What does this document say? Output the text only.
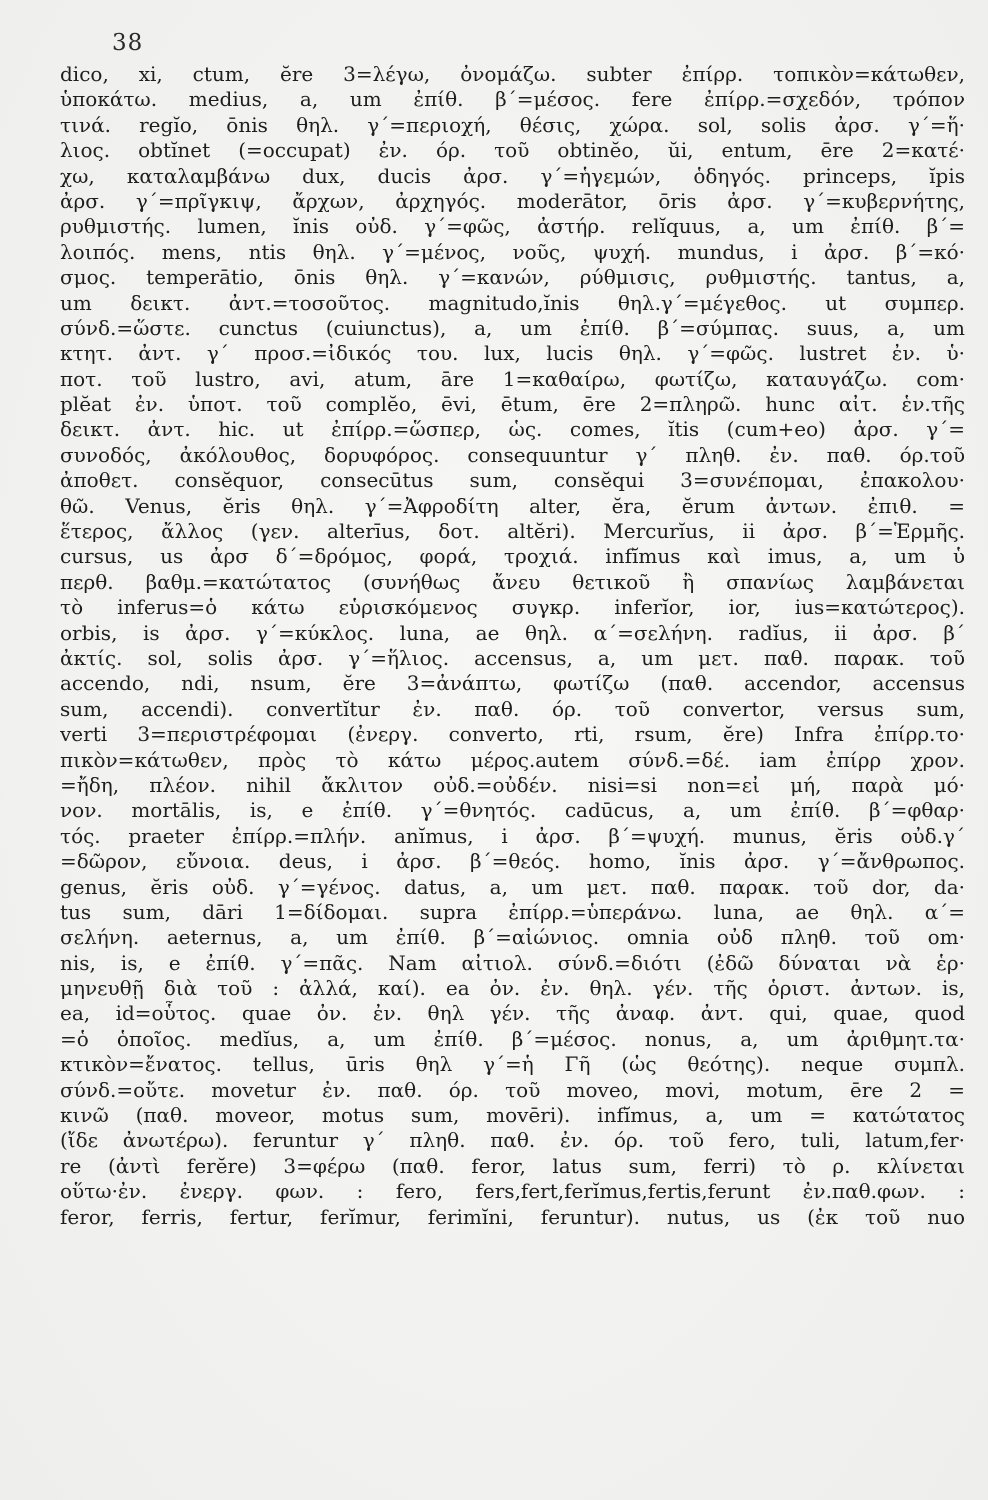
38
dico, xi, ctum, ĕre 3=λέγω, ὀνομάζω. subter ἐπίρρ. τοπικὸν=κάτωθεν,
ὑποκάτω. medius, a, um ἐπίθ. β΄=μέσος. fere ἐπίρρ.=σχεδόν, τρόπον
τινά. regĭo, ōnis θηλ. γ΄=περιοχή, θέσις, χώρα. sol, solis ἀρσ. γ΄=ἥ·
λιος. obtĭnet (=occupat) ἐν. όρ. τοῦ obtinĕo, ŭi, entum, ēre 2=κατέ·
χω, καταλαμβάνω dux, ducis ἀρσ. γ΄=ἡγεμών, ὁδηγός. princeps, ĭpis
ἀρσ. γ΄=πρῖγκιψ, ἄρχων, ἀρχηγός. moderātor, ōris ἀρσ. γ΄=κυβερνήτης,
ρυθμιστής. lumen, ĭnis οὐδ. γ΄=φῶς, ἀστήρ. relĭquus, a, um ἐπίθ. β΄=
λοιπός. mens, ntis θηλ. γ΄=μένος, νοῦς, ψυχή. mundus, i ἀρσ. β΄=κό·
σμος. temperātio, ōnis θηλ. γ΄=κανών, ρύθμισις, ρυθμιστής. tantus, a,
um δεικτ. ἀντ.=τοσοῦτος. magnitudo,ĭnis θηλ.γ΄=μέγεθος. ut συμπερ.
σύνδ.=ὥστε. cunctus (cuiunctus), a, um ἐπίθ. β΄=σύμπας. suus, a, um
κτητ. ἀντ. γ΄ προσ.=ἰδικός του. lux, lucis θηλ. γ΄=φῶς. lustret ἐν. ὑ·
ποτ. τοῦ lustro, avi, atum, āre 1=καθαίρω, φωτίζω, καταυγάζω. com·
plĕat ἐν. ὑποτ. τοῦ complĕo, ēvi, ētum, ēre 2=πληρῶ. hunc αἰτ. ἑν.τῆς
δεικτ. ἀντ. hic. ut ἐπίρρ.=ὥσπερ, ὡς. comes, ĭtis (cum+eo) ἀρσ. γ΄=
συνοδός, ἀκόλουθος, δορυφόρος. consequuntur γ΄ πληθ. ἐν. παθ. όρ.τοῦ
ἀποθετ. consĕquor, consecūtus sum, consĕqui 3=συνέπομαι, ἐπακολου·
θῶ. Venus, ĕris θηλ. γ΄=Ἀφροδίτη alter, ĕra, ĕrum ἀντων. ἐπιθ. =
ἕτερος, ἄλλος (γεν. alterīus, δοτ. altĕri). Mercurĭus, ii ἀρσ. β΄=Ἑρμῆς.
cursus, us ἀρσ δ΄=δρόμος, φορά, τροχιά. infĭmus καὶ imus, a, um ὑ
περθ. βαθμ.=κατώτατος (συνήθως ἄνευ θετικοῦ ἢ σπανίως λαμβάνεται
τὸ inferus=ὁ κάτω εὑρισκόμενος συγκρ. inferĭor, ior, ius=κατώτερος).
orbis, is ἀρσ. γ΄=κύκλος. luna, ae θηλ. α΄=σελήνη. radĭus, ii ἀρσ. β΄
ἀκτίς. sol, solis ἀρσ. γ΄=ἥλιος. accensus, a, um μετ. παθ. παρακ. τοῦ
accendo, ndi, nsum, ĕre 3=ἀνάπτω, φωτίζω (παθ. accendor, accensus
sum, accendi). convertĭtur ἐν. παθ. όρ. τοῦ convertor, versus sum,
verti 3=περιστρέφομαι (ἐνεργ. converto, rti, rsum, ĕre) Infra ἐπίρρ.το·
πικὸν=κάτωθεν, πρὸς τὸ κάτω μέρος.autem σύνδ.=δέ. iam ἐπίρρ χρον.
=ἤδη, πλέον. nihil ἄκλιτον οὐδ.=οὐδέν. nisi=si non=εἰ μή, παρὰ μό·
νον. mortālis, is, e ἐπίθ. γ΄=θνητός. cadūcus, a, um ἐπίθ. β΄=φθαρ·
τός. praeter ἐπίρρ.=πλήν. anĭmus, i ἀρσ. β΄=ψυχή. munus, ĕris οὐδ.γ΄
=δῶρον, εὔνοια. deus, i ἀρσ. β΄=θεός. homo, ĭnis ἀρσ. γ΄=ἄνθρωπος.
genus, ĕris οὐδ. γ΄=γένος. datus, a, um μετ. παθ. παρακ. τοῦ dor, da·
tus sum, dāri 1=δίδομαι. supra ἐπίρρ.=ὑπεράνω. luna, ae θηλ. α΄=
σελήνη. aeternus, a, um ἐπίθ. β΄=αἰώνιος. omnia οὐδ πληθ. τοῦ om·
nis, is, e ἐπίθ. γ΄=πᾶς. Nam αἰτιολ. σύνδ.=διότι (ἐδῶ δύναται νὰ ἑρ·
μηνευθῇ διὰ τοῦ : ἀλλά, καί). ea ὀν. ἐν. θηλ. γέν. τῆς ὁριστ. ἀντων. is,
ea, id=οὗτος. quae ὀν. ἐν. θηλ γέν. τῆς ἀναφ. ἀντ. qui, quae, quod
=ὁ ὁποῖος. medĭus, a, um ἐπίθ. β΄=μέσος. nonus, a, um ἀριθμητ.τα·
κτικὸν=ἔνατος. tellus, ūris θηλ γ΄=ἡ Γῆ (ὡς θεότης). neque συμπλ.
σύνδ.=οὔτε. movetur ἐν. παθ. όρ. τοῦ moveo, movi, motum, ēre 2 =
κινῶ (παθ. moveor, motus sum, movēri). infĭmus, a, um = κατώτατος
(ἴδε ἀνωτέρω). feruntur γ΄ πληθ. παθ. ἐν. όρ. τοῦ fero, tuli, latum,fer·
re (ἀντὶ ferĕre) 3=φέρω (παθ. feror, latus sum, ferri) τὸ ρ. κλίνεται
οὕτω·ἐν. ἐνεργ. φων. : fero, fers,fert,ferĭmus,fertis,ferunt ἐν.παθ.φων. :
feror, ferris, fertur, ferĭmur, ferimĭni, feruntur). nutus, us (ἐκ τοῦ nuo
